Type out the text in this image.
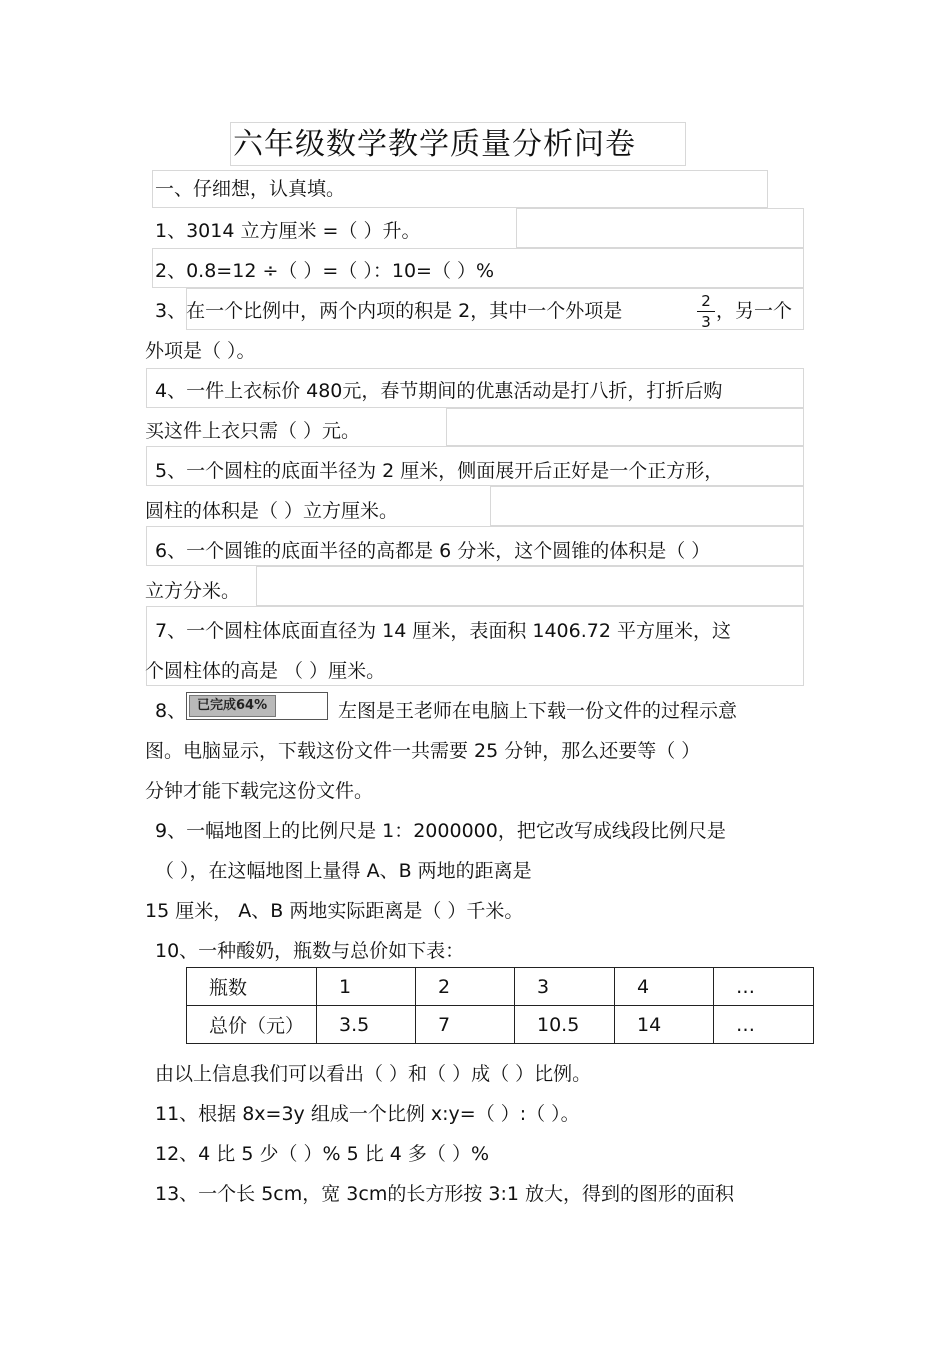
六年级数学教学质量分析问卷
一、仔细想，认真填。
1、3014 立方厘米 =（ ）升。
2、0.8=12 ÷（ ）=（ ）：10=（ ）%
3、在一个比例中，两个内项的积是 2，其中一个外项是	2
3 ，另一个
外项是（ ）。
4、一件上衣标价 480元，春节期间的优惠活动是打八折，打折后购
买这件上衣只需（ ）元。
5、一个圆柱的底面半径为 2 厘米，侧面展开后正好是一个正方形，
圆柱的体积是（ ）立方厘米。
6、一个圆锥的底面半径的高都是 6 分米，这个圆锥的体积是（ ）
立方分米。
7、一个圆柱体底面直径为 14 厘米，表面积 1406.72 平方厘米，这
个圆柱体的高是 （ ）厘米。
8、 已完成64%	左图是王老师在电脑上下载一份文件的过程示意
图。电脑显示，下载这份文件一共需要 25 分钟，那么还要等（ ）
分钟才能下载完这份文件。
9、一幅地图上的比例尺是 1：2000000，把它改写成线段比例尺是
（ ），在这幅地图上量得 A、B 两地的距离是
15 厘米， A、B 两地实际距离是（ ）千米。
10、一种酸奶，瓶数与总价如下表：
瓶数	1	2	3	4	…
总价（元）	3.5	7	10.5	14	…
由以上信息我们可以看出（ ）和（ ）成（ ）比例。
11、根据 8x=3y 组成一个比例 x:y=（ ）:（ ）。
12、4 比 5 少（ ）% 5 比 4 多（ ）%
13、一个长 5cm，宽 3cm的长方形按 3:1 放大，得到的图形的面积
